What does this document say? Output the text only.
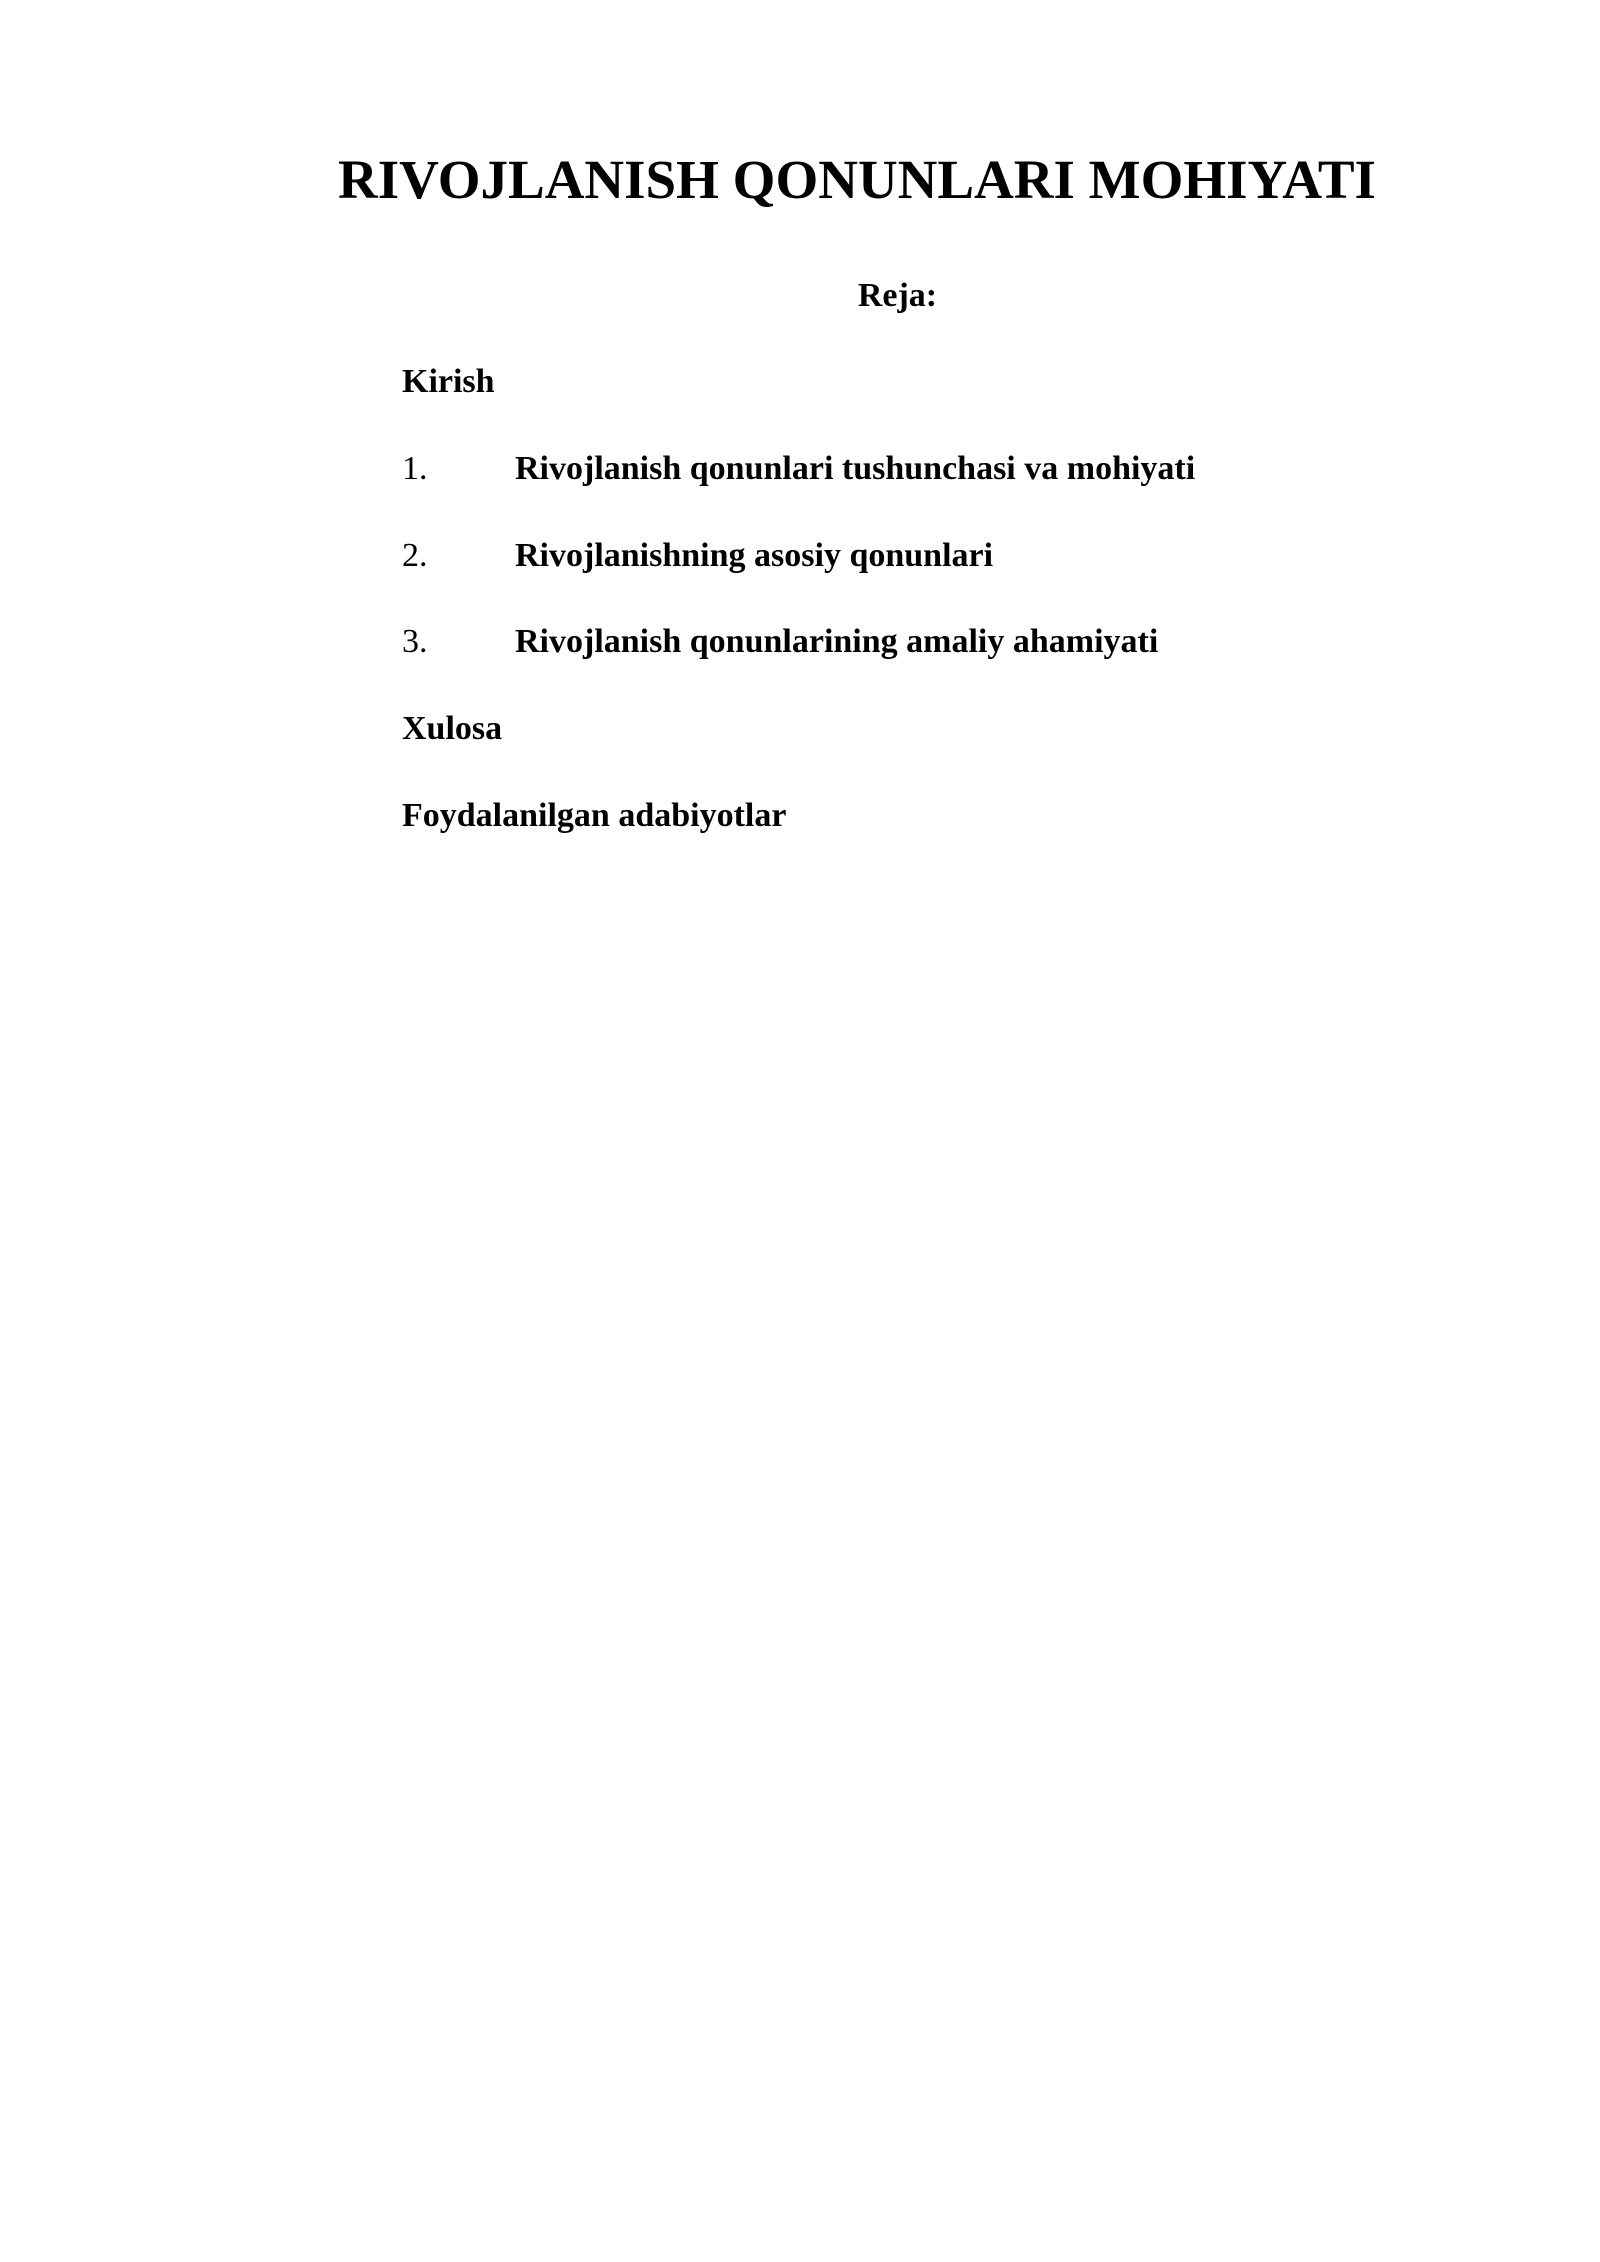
RIVOJLANISH QONUNLARI MOHIYATI

Reja:

Kirish
1.	Rivojlanish qonunlari tushunchasi va mohiyati
2.	Rivojlanishning asosiy qonunlari
3.	Rivojlanish qonunlarining amaliy ahamiyati
Xulosa
Foydalanilgan adabiyotlar
